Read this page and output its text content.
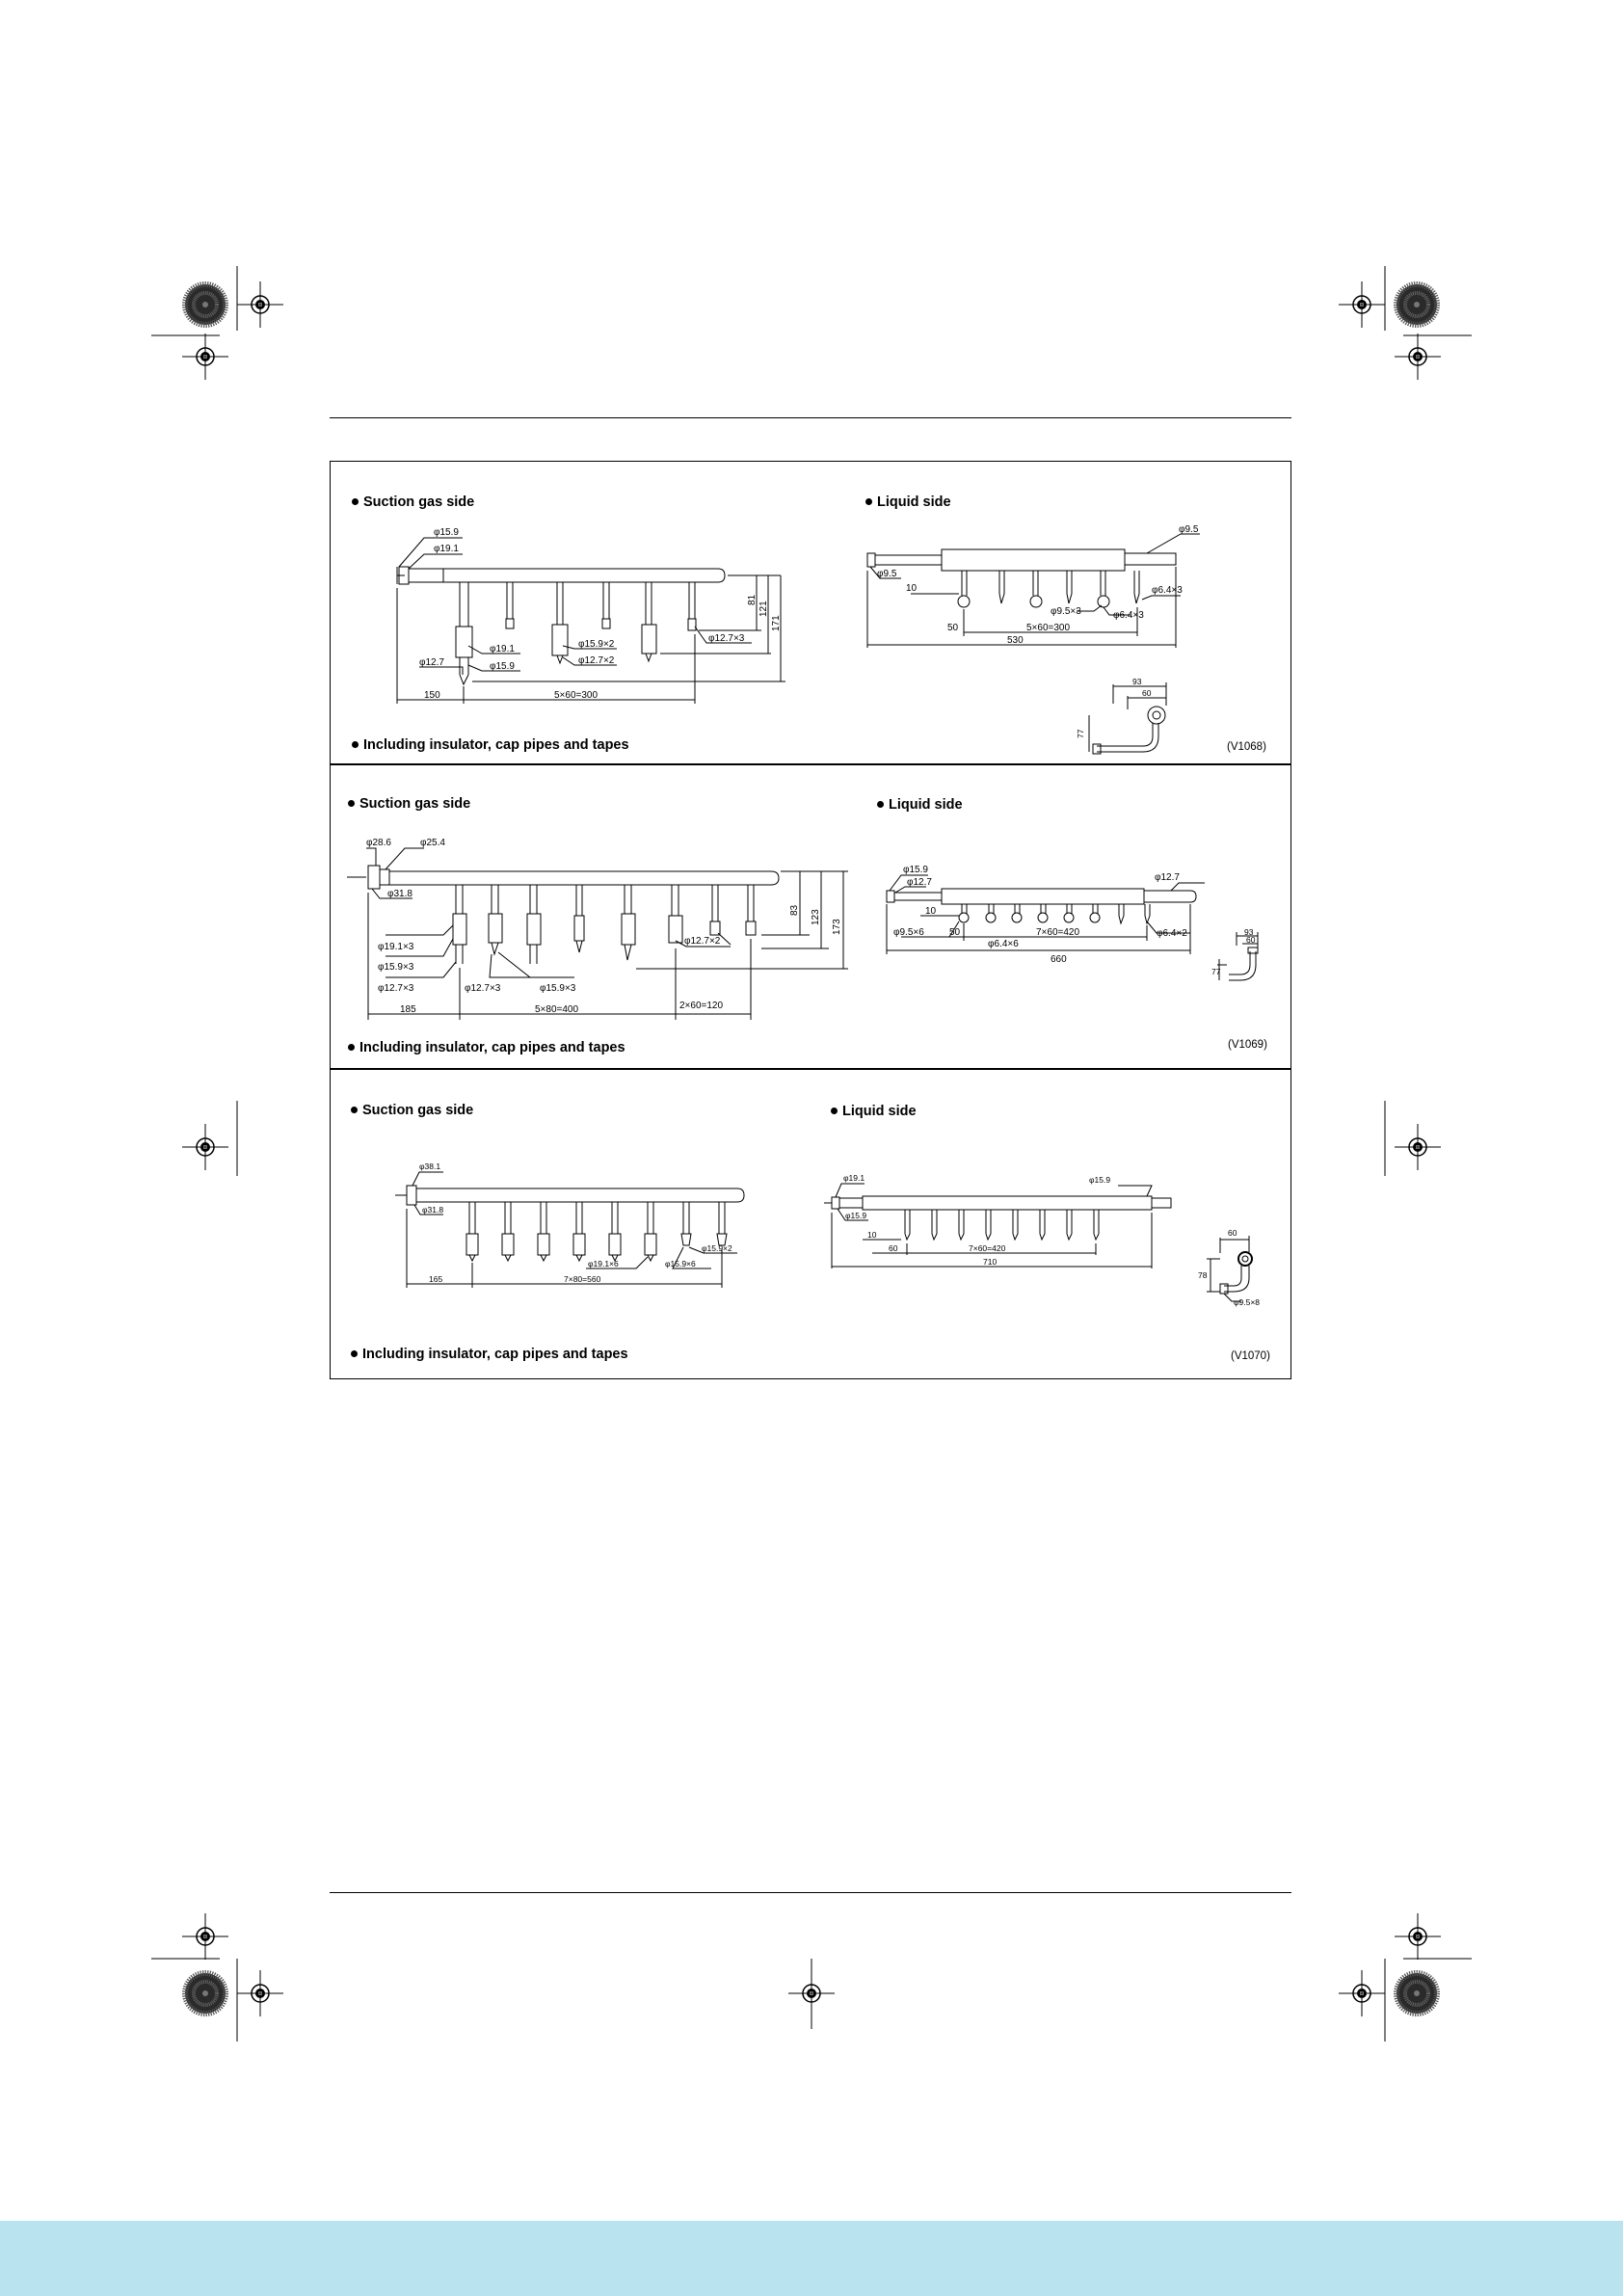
Suction gas side	Liquid side
Including insulator, cap pipes and tapes	(V1068)
φ15.9
φ19.1
φ19.1
φ15.9
φ12.7
φ15.9×2
φ12.7×2
φ12.7×3
81
121
171
150	5×60=300
φ9.5
φ9.5
10	φ6.4×3
φ9.5×3	φ6.4×3
50	5×60=300
530
93
60
77
Suction gas side	Liquid side
Including insulator, cap pipes and tapes	(V1069)
φ28.6	φ25.4
φ31.8
φ19.1×3
φ15.9×3
φ12.7×3	φ12.7×3	φ15.9×3
φ12.7×2
83 123
173
185	5×80=400	2×60=120
φ15.9
φ12.7	φ12.7
10
φ9.5×6	50	7×60=420	φ6.4×2
φ6.4×6
660
93
60
77
Suction gas side	Liquid side
Including insulator, cap pipes and tapes	(V1070)
φ38.1
φ31.8
φ15.9×2
φ19.1×6	φ15.9×6
165	7×80=560
φ19.1
φ15.9
φ15.9
10
60	7×60=420
710
60
78
φ9.5×8
